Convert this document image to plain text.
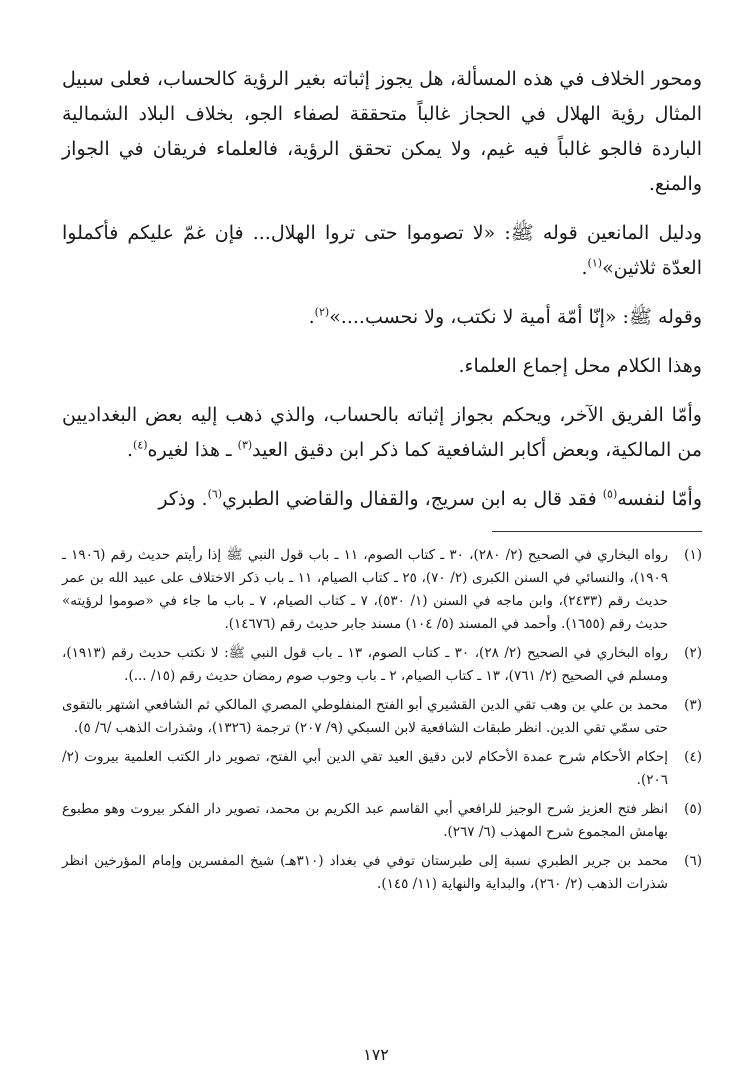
ومحور الخلاف في هذه المسألة، هل يجوز إثباته بغير الرؤية كالحساب، فعلى سبيل المثال رؤية الهلال في الحجاز غالباً متحققة لصفاء الجو، بخلاف البلاد الشمالية الباردة فالجو غالباً فيه غيم، ولا يمكن تحقق الرؤية، فالعلماء فريقان في الجواز والمنع.

ودليل المانعين قوله ﷺ: «لا تصوموا حتى تروا الهلال... فإن غمّ عليكم فأكملوا العدّة ثلاثين»$^{(١)}$.

وقوله ﷺ: «إنّا أمّة أمية لا نكتب، ولا نحسب....»$^{(٢)}$.

وهذا الكلام محل إجماع العلماء.

وأمّا الفريق الآخر، ويحكم بجواز إثباته بالحساب، والذي ذهب إليه بعض البغداديين من المالكية، وبعض أكابر الشافعية كما ذكر ابن دقيق العيد$^{(٣)}$ ـ هذا لغيره$^{(٤)}$.

وأمّا لنفسه$^{(٥)}$ فقد قال به ابن سريج، والقفال والقاضي الطبري$^{(٦)}$. وذكر

(١)
رواه البخاري في الصحيح (٢/ ٢٨٠)، ٣٠ ـ كتاب الصوم، ١١ ـ باب قول النبي ﷺ إذا رأيتم حديث رقم (١٩٠٦ ـ ١٩٠٩)، والنسائي في السنن الكبرى (٢/ ٧٠)، ٢٥ ـ كتاب الصيام، ١١ ـ باب ذكر الاختلاف على عبيد الله بن عمر حديث رقم (٢٤٣٣)، وابن ماجه في السنن (١/ ٥٣٠)، ٧ ـ كتاب الصيام، ٧ ـ باب ما جاء في «صوموا لرؤيته» حديث رقم (١٦٥٥). وأحمد في المسند (٥/ ١٠٤) مسند جابر حديث رقم (١٤٦٧٦).
(٢)
رواه البخاري في الصحيح (٢/ ٢٨)، ٣٠ ـ كتاب الصوم، ١٣ ـ باب قول النبي ﷺ: لا نكتب حديث رقم (١٩١٣)، ومسلم في الصحيح (٢/ ٧٦١)، ١٣ ـ كتاب الصيام، ٢ ـ باب وجوب صوم رمضان حديث رقم (١٥/ ...).
(٣)
محمد بن علي بن وهب تقي الدين القشيري أبو الفتح المنفلوطي المصري المالكي ثم الشافعي اشتهر بالتقوى حتى سمّي تقي الدين. انظر طبقات الشافعية لابن السبكي (٩/ ٢٠٧) ترجمة (١٣٢٦)، وشذرات الذهب /٦/ ٥).
(٤)
إحكام الأحكام شرح عمدة الأحكام لابن دقيق العيد تقي الدين أبي الفتح، تصوير دار الكتب العلمية بيروت (٢/ ٢٠٦).
(٥)
انظر فتح العزيز شرح الوجيز للرافعي أبي القاسم عبد الكريم بن محمد، تصوير دار الفكر بيروت وهو مطبوع بهامش المجموع شرح المهذب (٦/ ٢٦٧).
(٦)
محمد بن جرير الطبري نسبة إلى طبرستان توفي في بغداد (٣١٠هـ) شيخ المفسرين وإمام المؤرخين انظر شذرات الذهب (٢/ ٢٦٠)، والبداية والنهاية (١١/ ١٤٥).
١٧٢
